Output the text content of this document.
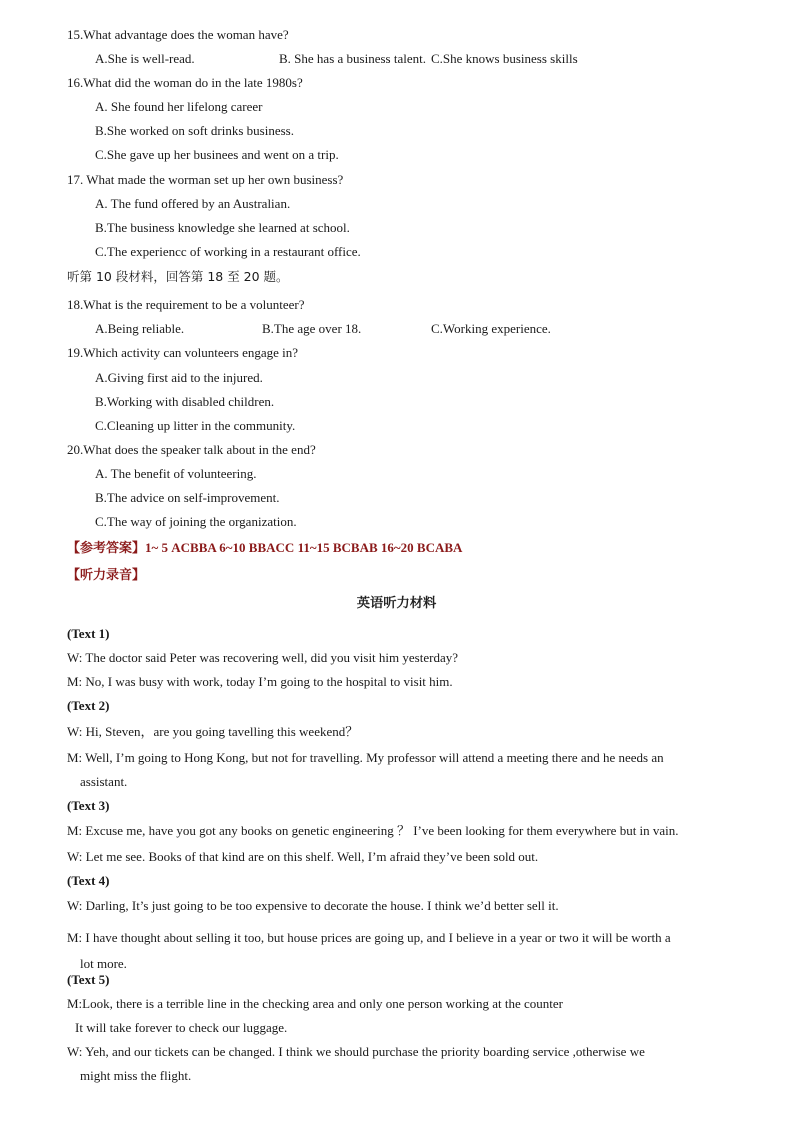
15.What advantage does the woman have?
A.She is well-read.	B. She has a business talent. C.She knows business skills
16.What did the woman do in the late 1980s?
A. She found her lifelong career
B.She worked on soft drinks business.
C.She gave up her businees and went on a trip.
17. What made the worman set up her own business?
A. The fund offered by an Australian.
B.The business knowledge she learned at school.
C.The experiencc of working in a restaurant office.
听第 10 段材料，回答第 18 至 20 题。
18.What is the requirement to be a volunteer?
A.Being reliable.	B.The age over 18.	C.Working experience.
19.Which activity can volunteers engage in?
A.Giving first aid to the injured.
B.Working with disabled children.
C.Cleaning up litter in the community.
20.What does the speaker talk about in the end?
A. The benefit of volunteering.
B.The advice on self-improvement.
C.The way of joining the organization.
【参考答案】1~ 5 ACBBA 6~10 BBACC 11~15 BCBAB 16~20 BCABA
【听力录音】
英语听力材料
(Text 1)
W: The doctor said Peter was recovering well, did you visit him yesterday?
M: No, I was busy with work, today I’m going to the hospital to visit him.
(Text 2)
W: Hi, Steven，are you going tavelling this weekend？
M: Well, I’m going to Hong Kong, but not for travelling. My professor will attend a meeting there and he needs an
assistant.
(Text 3)
M: Excuse me, have you got any books on genetic engineering ？ I’ve been looking for them everywhere but in vain.
W: Let me see. Books of that kind are on this shelf. Well, I’m afraid they’ve been sold out.
(Text 4)
W: Darling, It’s just going to be too expensive to decorate the house. I think we’d better sell it.
M: I have thought about selling it too, but house prices are going up, and I believe in a year or two it will be worth a
lot more.
(Text 5)
M:Look, there is a terrible line in the checking area and only one person working at the counter
It will take forever to check our luggage.
W: Yeh, and our tickets can be changed. I think we should purchase the priority boarding service ,otherwise we
might miss the flight.
